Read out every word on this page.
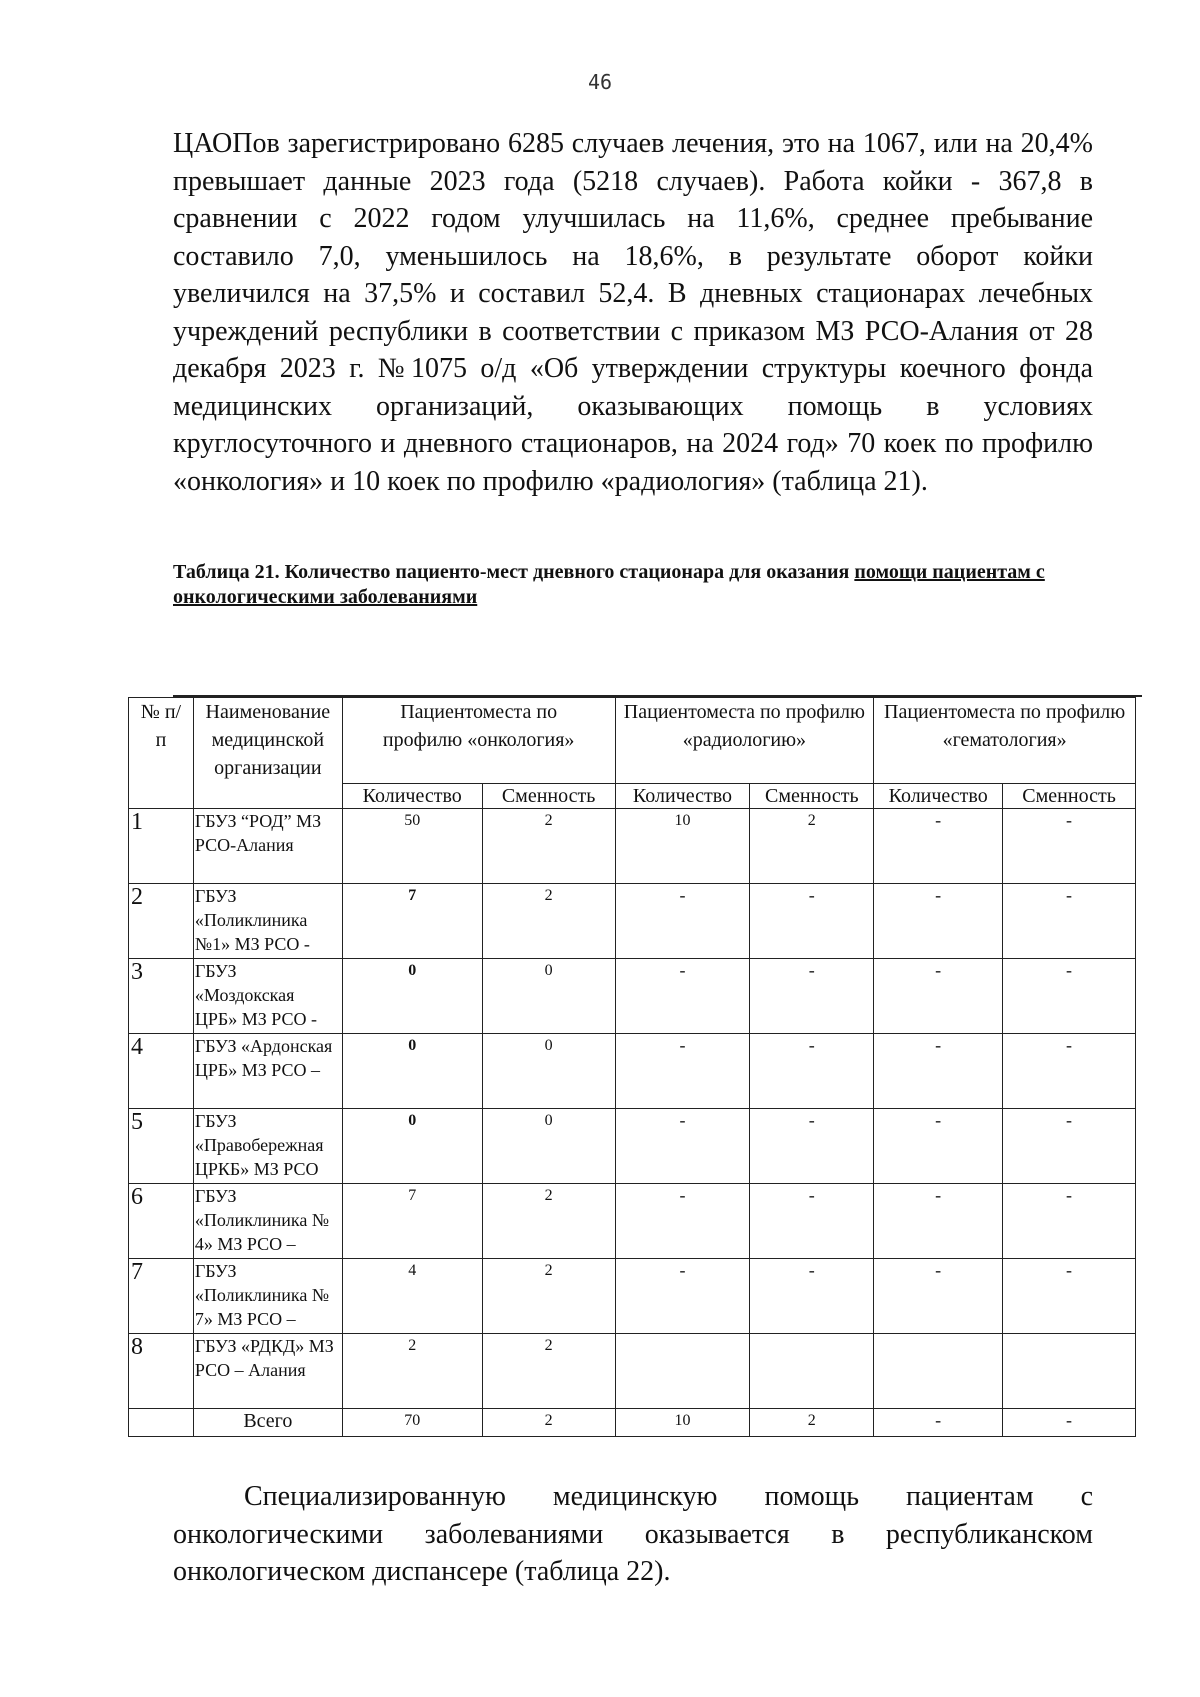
46

ЦАОПов зарегистрировано 6285 случаев лечения, это на 1067, или на 20,4% превышает данные 2023 года (5218 случаев). Работа койки - 367,8 в сравнении с 2022 годом улучшилась на 11,6%, среднее пребывание составило 7,0, уменьшилось на 18,6%, в результате оборот койки увеличился на 37,5% и составил 52,4. В дневных стационарах лечебных учреждений республики в соответствии с приказом МЗ РСО-Алания от 28 декабря 2023 г. №1075 о/д «Об утверждении структуры коечного фонда медицинских организаций, оказывающих помощь в условиях круглосуточного и дневного стационаров, на 2024 год» 70 коек по профилю «онкология» и 10 коек по профилю «радиология» (таблица 21).

Таблица 21. Количество пациенто-мест дневного стационара для оказания помощи пациентам с онкологическими заболеваниями

№ п/п	Наименование медицинской организации	Пациентоместа по профилю «онкология»		Пациентоместа по профилю «радиологию»		Пациентоместа по профилю «гематология»	
		Количество	Сменность	Количество	Сменность	Количество	Сменность
1	ГБУЗ “РОД” МЗ РСО-Алания	50	2	10	2	-	-
2	ГБУЗ «Поликлиника №1» МЗ РСО -	7	2	-	-	-	-
3	ГБУЗ «Моздокская ЦРБ» МЗ РСО -	0	0	-	-	-	-
4	ГБУЗ «Ардонская ЦРБ» МЗ РСО –	0	0	-	-	-	-
5	ГБУЗ «Правобережная ЦРКБ» МЗ РСО	0	0	-	-	-	-
6	ГБУЗ «Поликлиника № 4» МЗ РСО –	7	2	-	-	-	-
7	ГБУЗ «Поликлиника № 7» МЗ РСО –	4	2	-	-	-	-
8	ГБУЗ «РДКД» МЗ РСО – Алания	2	2				
	Всего	70	2	10	2	-	-

Специализированную медицинскую помощь пациентам с онкологическими заболеваниями оказывается в республиканском онкологическом диспансере (таблица 22).
